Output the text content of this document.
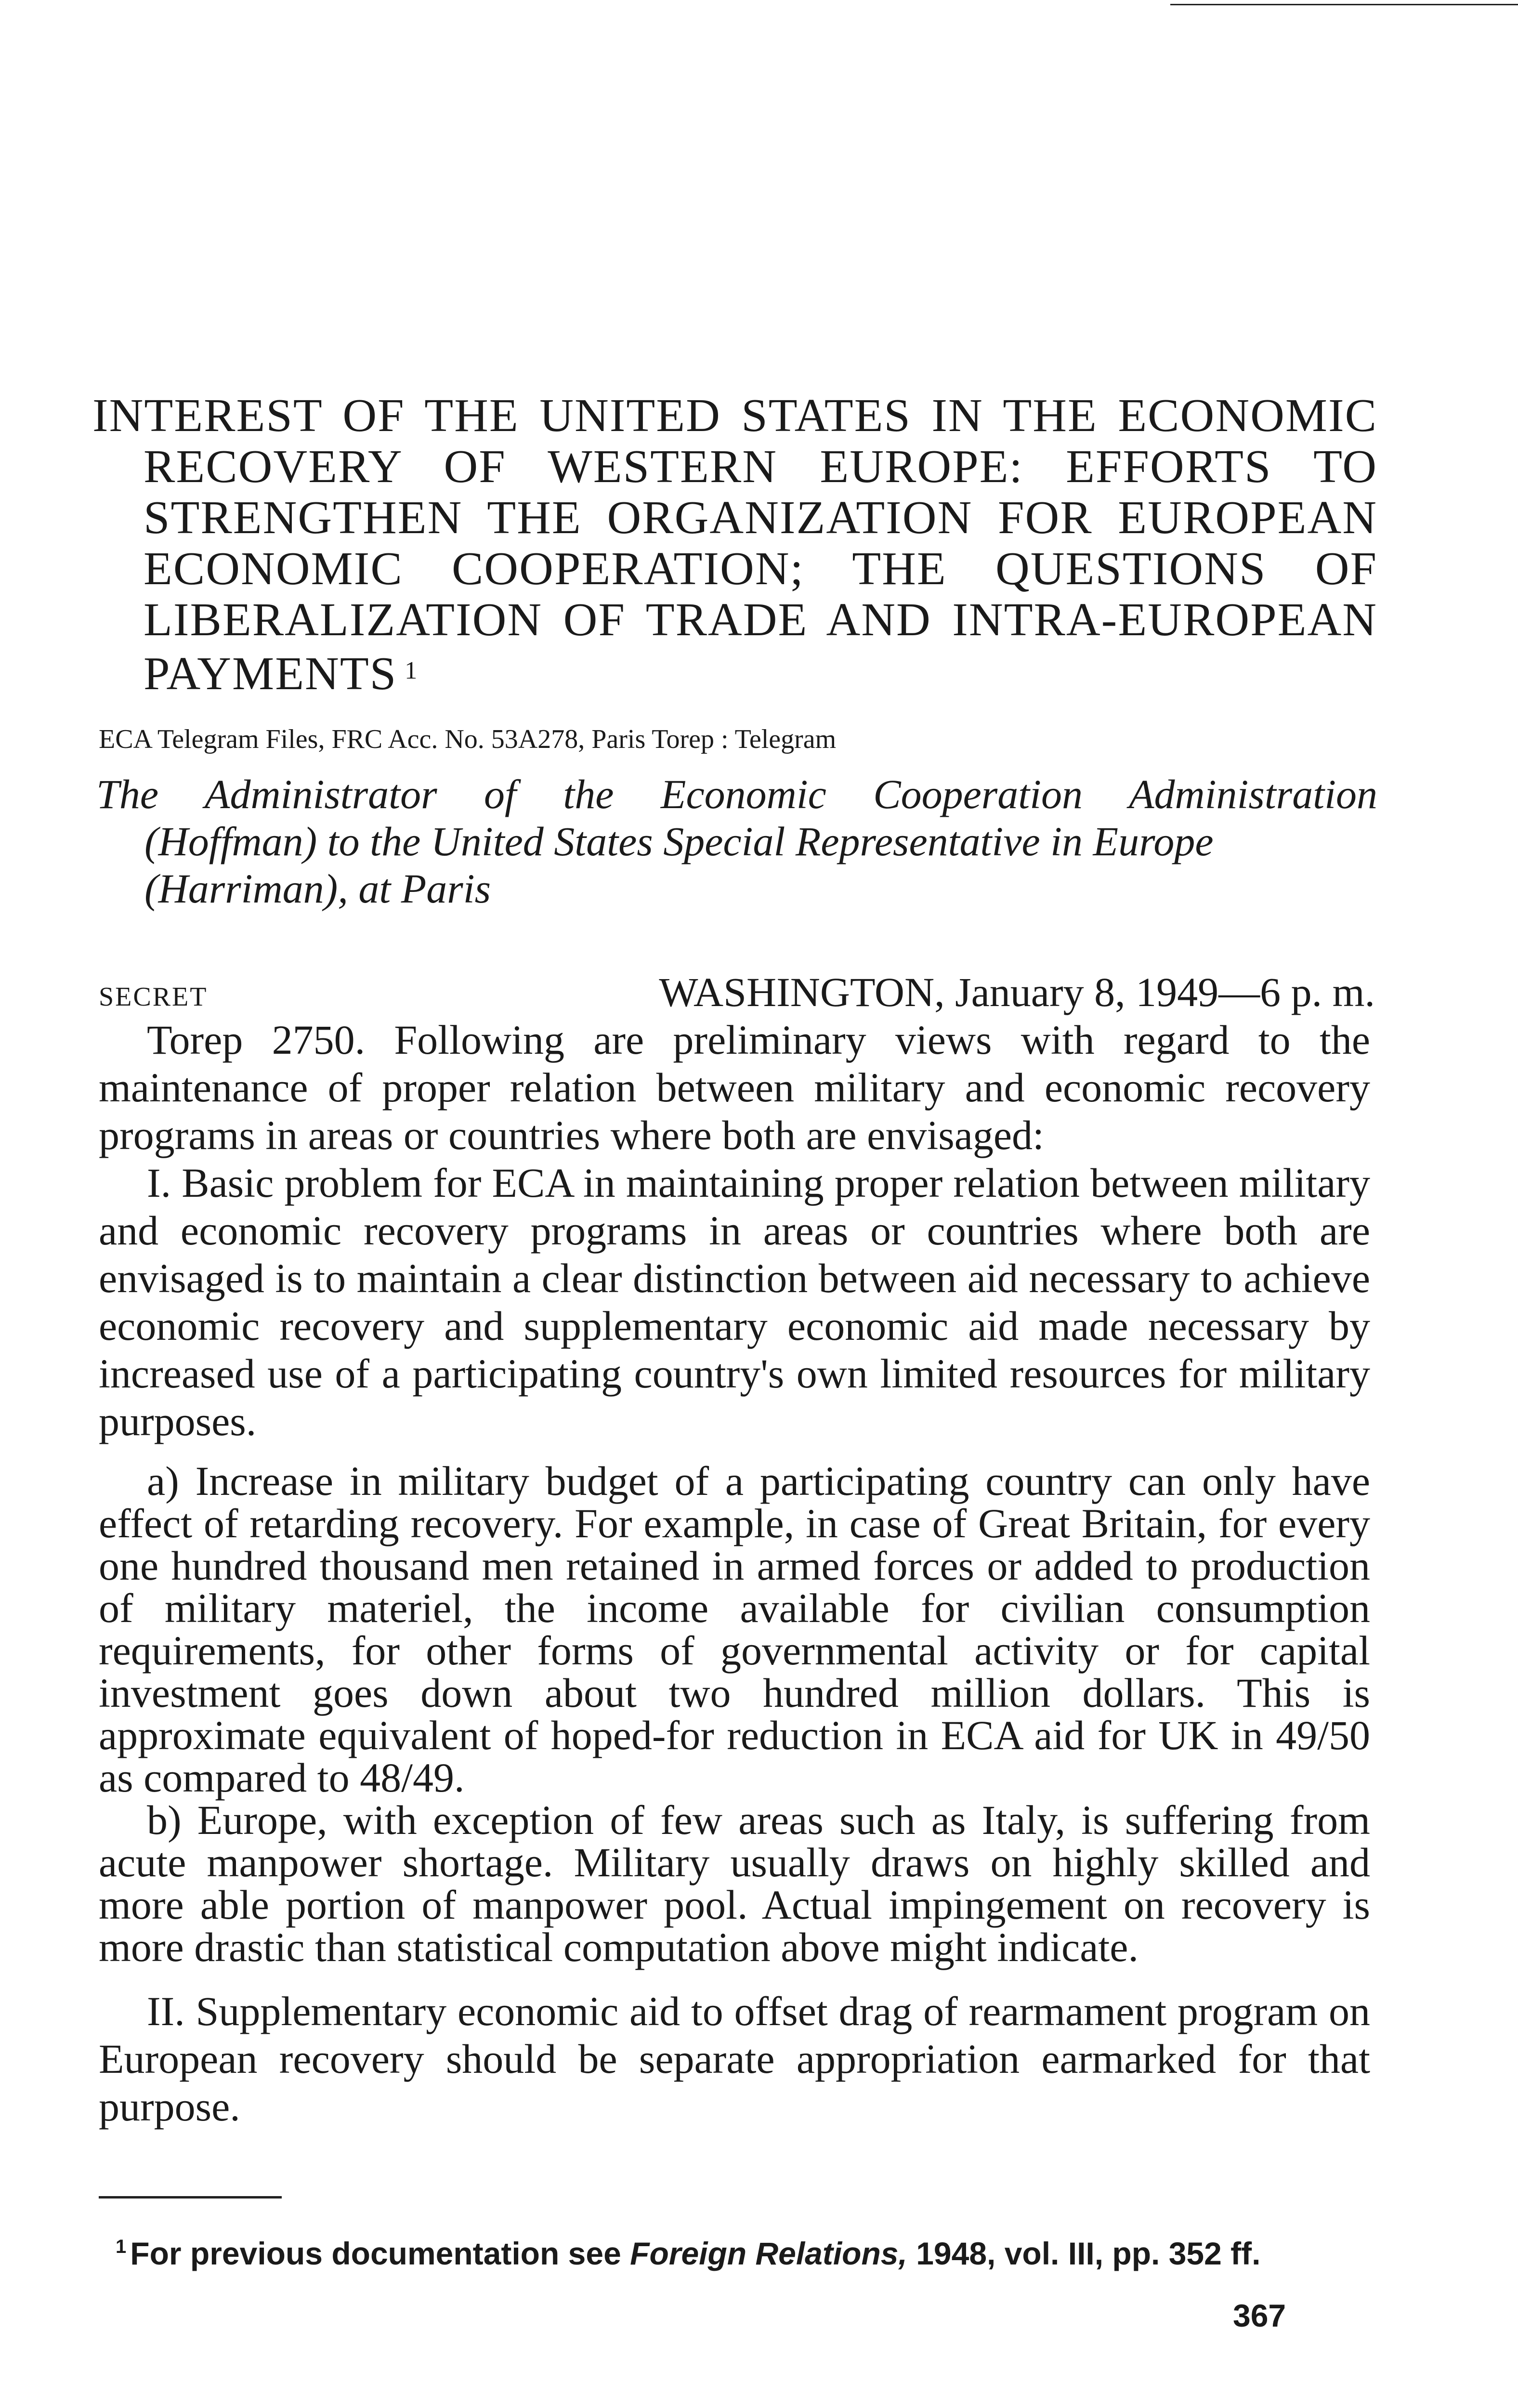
INTEREST OF THE UNITED STATES IN THE ECONOMIC
RECOVERY OF WESTERN EUROPE: EFFORTS TO
STRENGTHEN THE ORGANIZATION FOR EUROPEAN
ECONOMIC COOPERATION; THE QUESTIONS OF
LIBERALIZATION OF TRADE AND INTRA-EUROPEAN
PAYMENTS $^1$

ECA Telegram Files, FRC Acc. No. 53A278, Paris Torep : Telegram

The Administrator of the Economic Cooperation Administration
(Hoffman) to the United States Special Representative in Europe
(Harriman), at Paris
SECRET	WASHINGTON, January 8, 1949—6 p. m.

Torep 2750. Following are preliminary views with regard to the maintenance of proper relation between military and economic recovery programs in areas or countries where both are envisaged:

I. Basic problem for ECA in maintaining proper relation between military and economic recovery programs in areas or countries where both are envisaged is to maintain a clear distinction between aid necessary to achieve economic recovery and supplementary economic aid made necessary by increased use of a participating country's own limited resources for military purposes.

a) Increase in military budget of a participating country can only have effect of retarding recovery. For example, in case of Great Britain, for every one hundred thousand men retained in armed forces or added to production of military materiel, the income available for civilian consumption requirements, for other forms of governmental activity or for capital investment goes down about two hundred million dollars. This is approximate equivalent of hoped-for reduction in ECA aid for UK in 49/50 as compared to 48/49.

b) Europe, with exception of few areas such as Italy, is suffering from acute manpower shortage. Military usually draws on highly skilled and more able portion of manpower pool. Actual impingement on recovery is more drastic than statistical computation above might indicate.

II. Supplementary economic aid to offset drag of rearmament program on European recovery should be separate appropriation earmarked for that purpose.

$^1$ For previous documentation see Foreign Relations, 1948, vol. III, pp. 352 ff.

367
